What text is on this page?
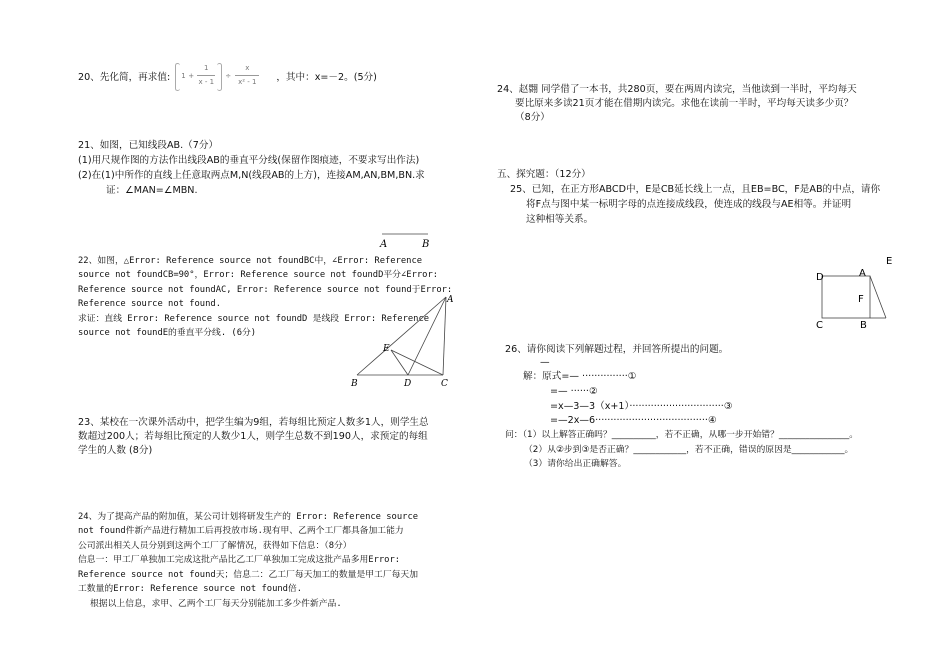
20、先化简，再求值: 1 +
1
x - 1
÷
x
x² - 1	，其中：x=－2。(5分)
21、如图，已知线段AB.（7分）
(1)用尺规作图的方法作出线段AB的垂直平分线(保留作图痕迹，不要求写出作法)
(2)在(1)中所作的直线上任意取两点M,N(线段AB的上方)，连接AM,AN,BM,BN.求
证：∠MAN=∠MBN.
A	B
22、如图，△Error: Reference source not foundBC中，∠Error: Reference
source not foundCB=90°，Error: Reference source not foundD平分∠Error:
Reference source not foundAC, Error: Reference source not found于Error:
Reference source not found.
求证：直线 Error: Reference source not foundD 是线段 Error: Reference
source not foundE的垂直平分线. (6分)
A
B	C
D
E
23、某校在一次课外活动中，把学生编为9组，若每组比预定人数多1人，则学生总
数超过200人；若每组比预定的人数少1人，则学生总数不到190人，求预定的每组
学生的人数 (8分)
24、为了提高产品的附加值，某公司计划将研发生产的 Error: Reference source
not found件新产品进行精加工后再投放市场.现有甲、乙两个工厂都具备加工能力
公司派出相关人员分别到这两个工厂了解情况，获得如下信息：（8分）
信息一：甲工厂单独加工完成这批产品比乙工厂单独加工完成这批产品多用Error:
Reference source not found天；信息二：乙工厂每天加工的数量是甲工厂每天加
工数量的Error: Reference source not found倍.
根据以上信息，求甲、乙两个工厂每天分别能加工多少件新产品.
24、赵翾 同学借了一本书，共280页，要在两周内读完，当他读到一半时，平均每天
要比原来多读21页才能在借期内读完。求他在读前一半时，平均每天读多少页？
（8分）
五、探究题：（12分）
25、已知，在正方形ABCD中，E是CB延长线上一点，且EB=BC，F是AB的中点，请你
将F点与图中某一标明字母的点连接成线段，使连成的线段与AE相等。并证明
这种相等关系。
E
D	A
F
C	B
26、请你阅读下列解题过程，并回答所提出的问题。
—
解：原式=— ···············①
=— ······②
=x—3—3（x+1）·······························③
=—2x—6·····································④
问：（1）以上解答正确吗？__________，若不正确，从哪一步开始错？________________。
（2）从②步到③是否正确？____________，若不正确，错误的原因是____________。
（3）请你给出正确解答。
